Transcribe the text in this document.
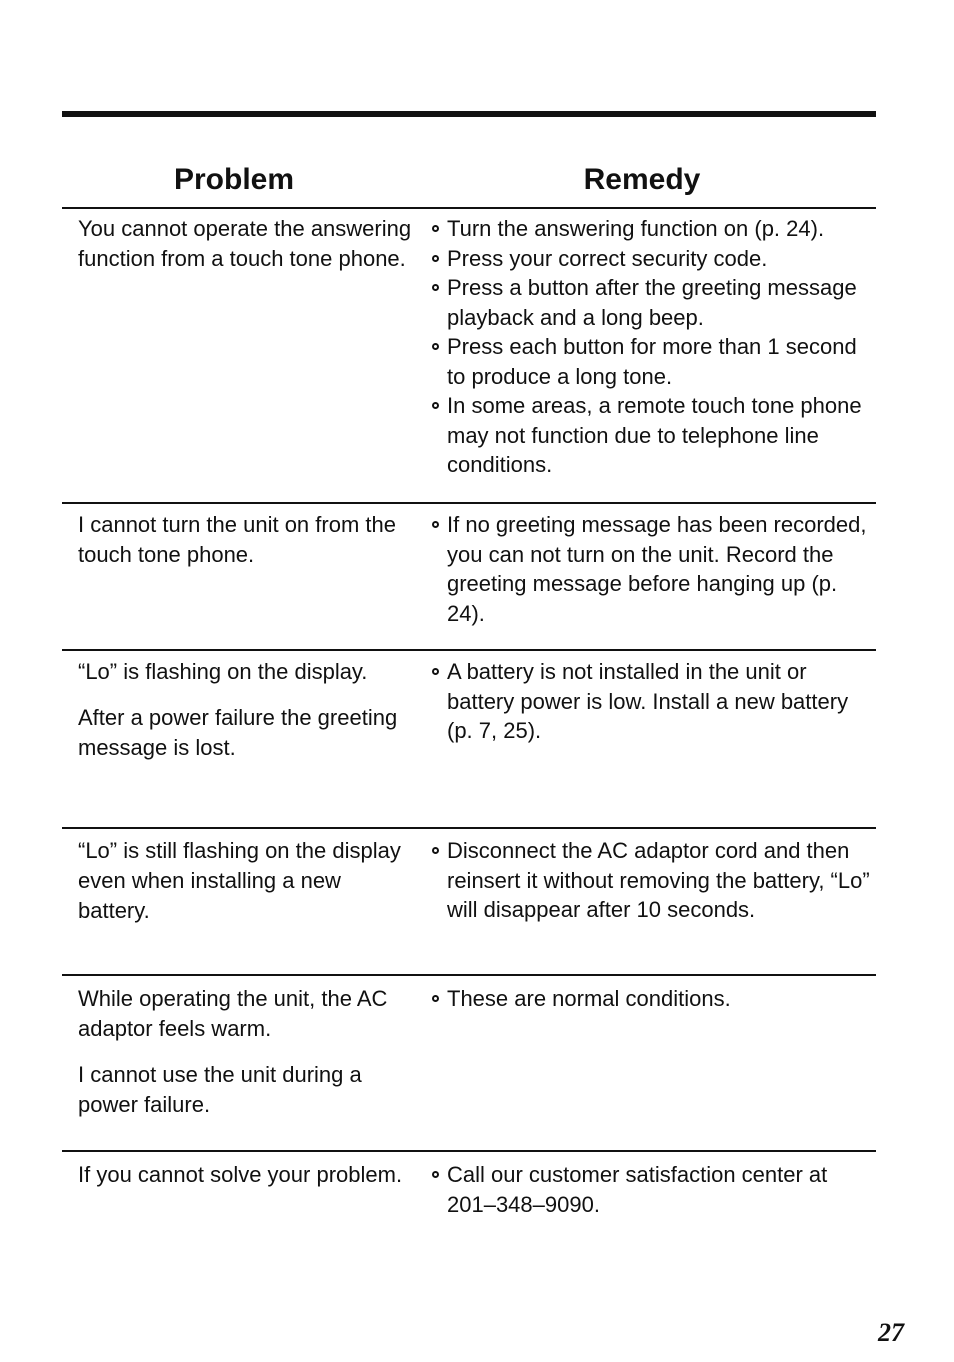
Problem	Remedy

You cannot operate the answering function from a touch tone phone.

Turn the answering function on (p. 24).
Press your correct security code.
Press a button after the greeting message playback and a long beep.
Press each button for more than 1 second to produce a long tone.
In some areas, a remote touch tone phone may not function due to telephone line conditions.

I cannot turn the unit on from the touch tone phone.

If no greeting message has been recorded, you can not turn on the unit. Record the greeting message before hanging up (p. 24).

“Lo” is flashing on the display.

After a power failure the greeting message is lost.

A battery is not installed in the unit or battery power is low. Install a new battery (p. 7, 25).

“Lo” is still flashing on the display even when installing a new battery.

Disconnect the AC adaptor cord and then reinsert it without removing the battery, “Lo” will disappear after 10 seconds.

While operating the unit, the AC adaptor feels warm.

I cannot use the unit during a power failure.

These are normal conditions.

If you cannot solve your problem.	Call our customer satisfaction center at 201–348–9090.
27
